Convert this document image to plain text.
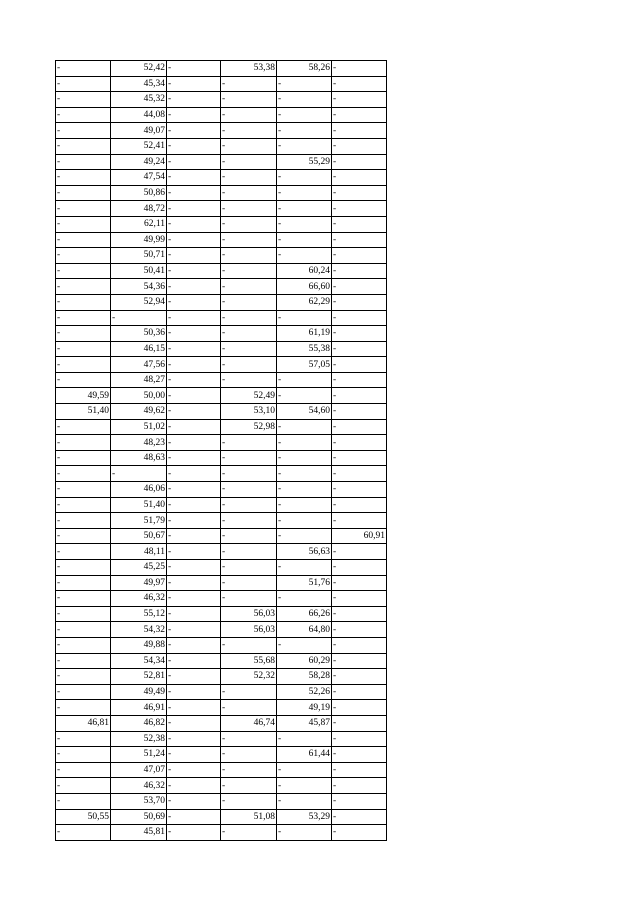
-	52,42	-	53,38	58,26	-
-	45,34	-	-	-	-
-	45,32	-	-	-	-
-	44,08	-	-	-	-
-	49,07	-	-	-	-
-	52,41	-	-	-	-
-	49,24	-	-	55,29	-
-	47,54	-	-	-	-
-	50,86	-	-	-	-
-	48,72	-	-	-	-
-	62,11	-	-	-	-
-	49,99	-	-	-	-
-	50,71	-	-	-	-
-	50,41	-	-	60,24	-
-	54,36	-	-	66,60	-
-	52,94	-	-	62,29	-
-	-	-	-	-	-
-	50,36	-	-	61,19	-
-	46,15	-	-	55,38	-
-	47,56	-	-	57,05	-
-	48,27	-	-	-	-
49,59	50,00	-	52,49	-	-
51,40	49,62	-	53,10	54,60	-
-	51,02	-	52,98	-	-
-	48,23	-	-	-	-
-	48,63	-	-	-	-
-	-	-	-	-	-
-	46,06	-	-	-	-
-	51,40	-	-	-	-
-	51,79	-	-	-	-
-	50,67	-	-	-	60,91
-	48,11	-	-	56,63	-
-	45,25	-	-	-	-
-	49,97	-	-	51,76	-
-	46,32	-	-	-	-
-	55,12	-	56,03	66,26	-
-	54,32	-	56,03	64,80	-
-	49,88	-	-	-	-
-	54,34	-	55,68	60,29	-
-	52,81	-	52,32	58,28	-
-	49,49	-	-	52,26	-
-	46,91	-	-	49,19	-
46,81	46,82	-	46,74	45,87	-
-	52,38	-	-	-	-
-	51,24	-	-	61,44	-
-	47,07	-	-	-	-
-	46,32	-	-	-	-
-	53,70	-	-	-	-
50,55	50,69	-	51,08	53,29	-
-	45,81	-	-	-	-
